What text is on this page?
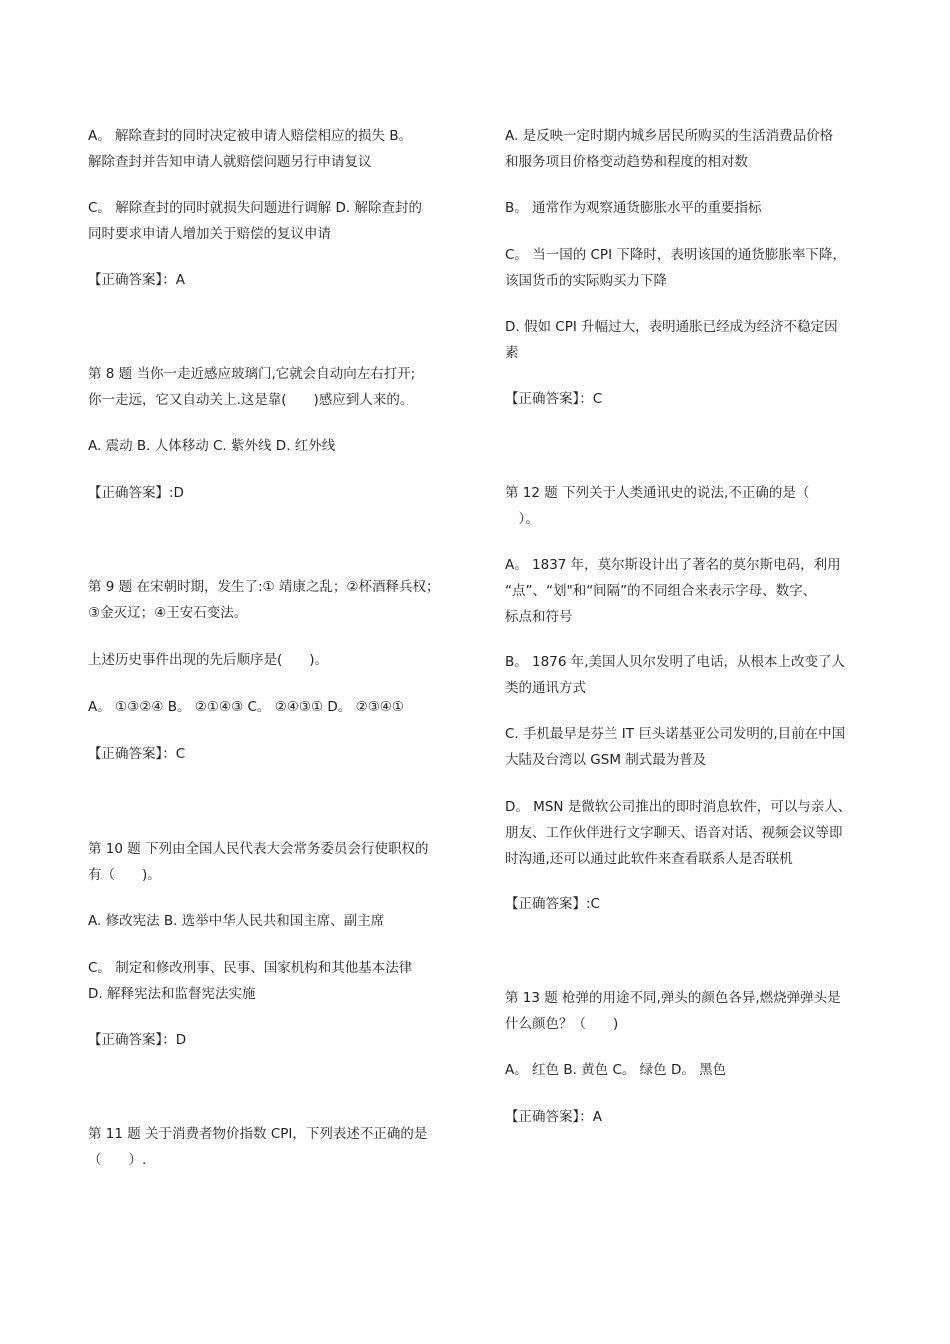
A。 解除查封的同时决定被申请人赔偿相应的损失 B。
解除查封并告知申请人就赔偿问题另行申请复议

C。 解除查封的同时就损失问题进行调解 D. 解除查封的
同时要求申请人增加关于赔偿的复议申请

【正确答案】：A

第 8 题 当你一走近感应玻璃门,它就会自动向左右打开;
你一走远，它又自动关上.这是靠(　　)感应到人来的。

A. 震动 B. 人体移动 C. 紫外线 D. 红外线

【正确答案】:D

第 9 题 在宋朝时期，发生了:① 靖康之乱；②杯酒释兵权；
③金灭辽；④王安石变法。

上述历史事件出现的先后顺序是(　　)。

A。 ①③②④ B。 ②①④③ C。 ②④③① D。 ②③④①

【正确答案】：C

第 10 题 下列由全国人民代表大会常务委员会行使职权的
有（　　)。

A. 修改宪法 B. 选举中华人民共和国主席、副主席

C。 制定和修改刑事、民事、国家机构和其他基本法律
D. 解释宪法和监督宪法实施

【正确答案】：D

第 11 题 关于消费者物价指数 CPI，下列表述不正确的是
（　　）.

A. 是反映一定时期内城乡居民所购买的生活消费品价格
和服务项目价格变动趋势和程度的相对数

B。 通常作为观察通货膨胀水平的重要指标

C。 当一国的 CPI 下降时，表明该国的通货膨胀率下降，
该国货币的实际购买力下降

D. 假如 CPI 升幅过大，表明通胀已经成为经济不稳定因
素

【正确答案】：C

第 12 题 下列关于人类通讯史的说法,不正确的是（
　）。

A。 1837 年，莫尔斯设计出了著名的莫尔斯电码，利用
“点”、“划"和“间隔”的不同组合来表示字母、数字、
标点和符号

B。 1876 年,美国人贝尔发明了电话，从根本上改变了人
类的通讯方式

C. 手机最早是芬兰 IT 巨头诺基亚公司发明的,目前在中国
大陆及台湾以 GSM 制式最为普及

D。 MSN 是微软公司推出的即时消息软件，可以与亲人、
朋友、工作伙伴进行文字聊天、语音对话、视频会议等即
时沟通,还可以通过此软件来查看联系人是否联机

【正确答案】:C

第 13 题 枪弹的用途不同,弹头的颜色各异,燃烧弹弹头是
什么颜色？（　　)

A。 红色 B. 黄色 C。 绿色 D。 黑色

【正确答案】：A
